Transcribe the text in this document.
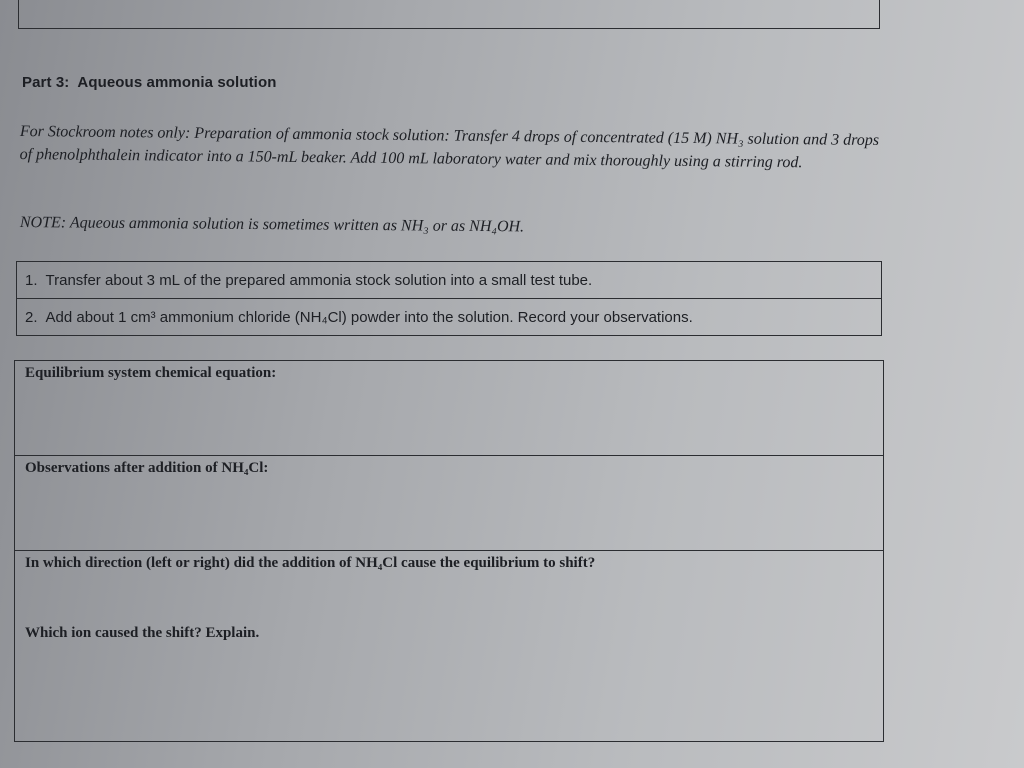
Part 3: Aqueous ammonia solution
For Stockroom notes only: Preparation of ammonia stock solution: Transfer 4 drops of concentrated (15 M) NH₃ solution and 3 drops of phenolphthalein indicator into a 150-mL beaker. Add 100 mL laboratory water and mix thoroughly using a stirring rod.
NOTE: Aqueous ammonia solution is sometimes written as NH₃ or as NH₄OH.
1. Transfer about 3 mL of the prepared ammonia stock solution into a small test tube.
2. Add about 1 cm³ ammonium chloride (NH₄Cl) powder into the solution. Record your observations.
Equilibrium system chemical equation:
Observations after addition of NH₄Cl:
In which direction (left or right) did the addition of NH₄Cl cause the equilibrium to shift?
Which ion caused the shift? Explain.
